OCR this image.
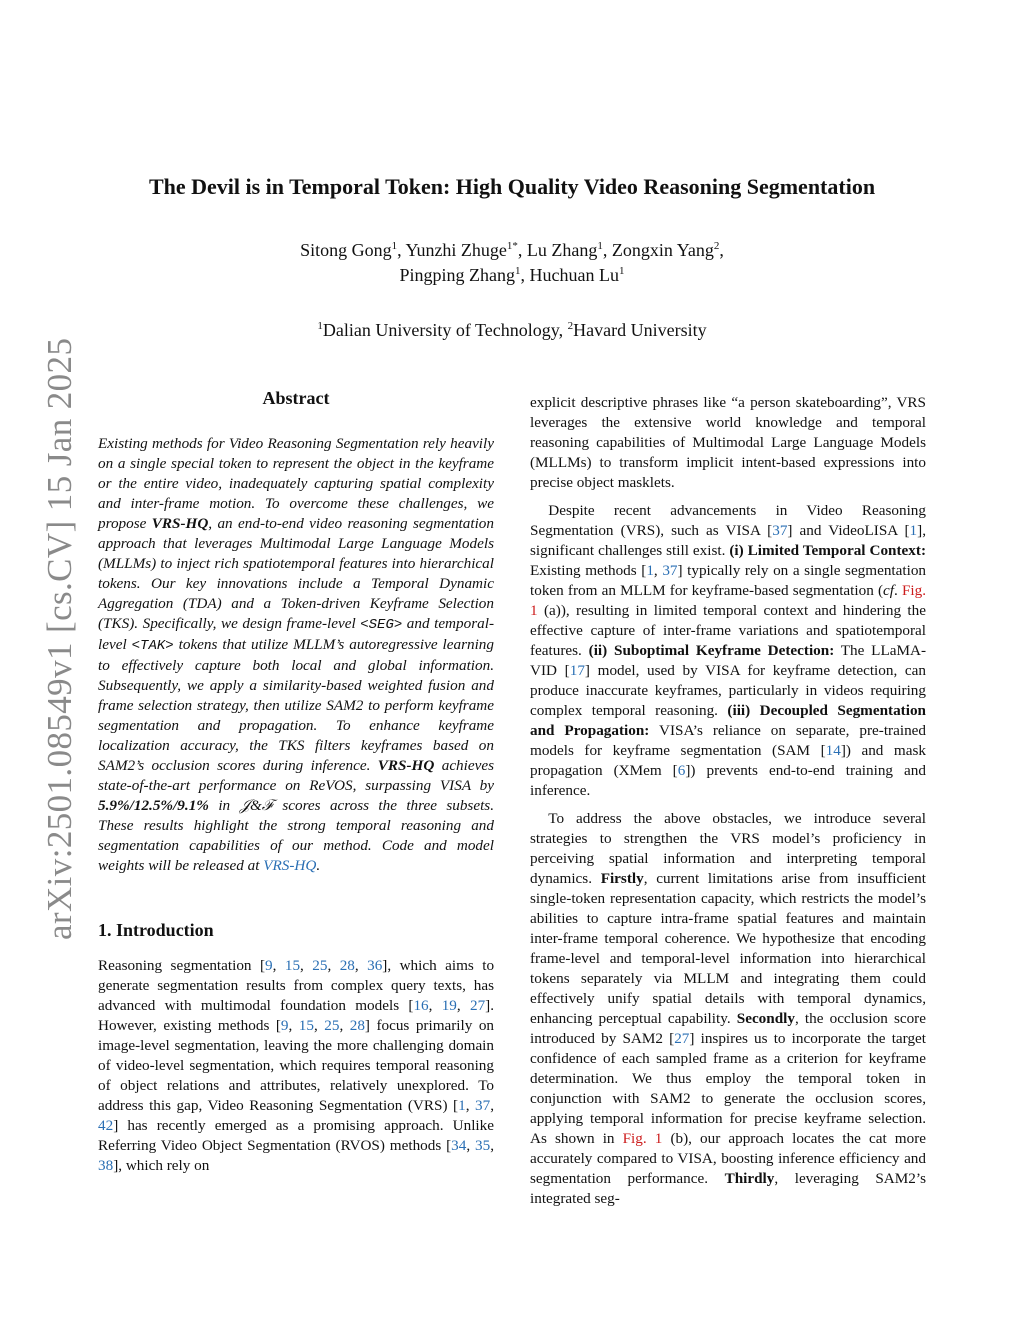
arXiv:2501.08549v1 [cs.CV] 15 Jan 2025
The Devil is in Temporal Token: High Quality Video Reasoning Segmentation

Sitong Gong$^1$, Yunzhi Zhuge$^{1*}$, Lu Zhang$^1$, Zongxin Yang$^2$,

Pingping Zhang$^1$, Huchuan Lu$^1$

$^1$Dalian University of Technology, $^2$Havard University

Abstract

Existing methods for Video Reasoning Segmentation rely heavily on a single special token to represent the object in the keyframe or the entire video, inadequately capturing spatial complexity and inter-frame motion. To overcome these challenges, we propose VRS-HQ, an end-to-end video reasoning segmentation approach that leverages Multimodal Large Language Models (MLLMs) to inject rich spatiotemporal features into hierarchical tokens. Our key innovations include a Temporal Dynamic Aggregation (TDA) and a Token-driven Keyframe Selection (TKS). Specifically, we design frame-level <SEG> and temporal-level <TAK> tokens that utilize MLLM’s autoregressive learning to effectively capture both local and global information. Subsequently, we apply a similarity-based weighted fusion and frame selection strategy, then utilize SAM2 to perform keyframe segmentation and propagation. To enhance keyframe localization accuracy, the TKS filters keyframes based on SAM2’s occlusion scores during inference. VRS-HQ achieves state-of-the-art performance on ReVOS, surpassing VISA by 5.9%/12.5%/9.1% in 𝒥&ℱ scores across the three subsets. These results highlight the strong temporal reasoning and segmentation capabilities of our method. Code and model weights will be released at VRS-HQ.

1. Introduction

Reasoning segmentation [9, 15, 25, 28, 36], which aims to generate segmentation results from complex query texts, has advanced with multimodal foundation models [16, 19, 27]. However, existing methods [9, 15, 25, 28] focus primarily on image-level segmentation, leaving the more challenging domain of video-level segmentation, which requires temporal reasoning of object relations and attributes, relatively unexplored. To address this gap, Video Reasoning Segmentation (VRS) [1, 37, 42] has recently emerged as a promising approach. Unlike Referring Video Object Segmentation (RVOS) methods [34, 35, 38], which rely on

explicit descriptive phrases like “a person skateboarding”, VRS leverages the extensive world knowledge and temporal reasoning capabilities of Multimodal Large Language Models (MLLMs) to transform implicit intent-based expressions into precise object masklets.

Despite recent advancements in Video Reasoning Segmentation (VRS), such as VISA [37] and VideoLISA [1], significant challenges still exist. (i) Limited Temporal Context: Existing methods [1, 37] typically rely on a single segmentation token from an MLLM for keyframe-based segmentation (cf. Fig. 1 (a)), resulting in limited temporal context and hindering the effective capture of inter-frame variations and spatiotemporal features. (ii) Suboptimal Keyframe Detection: The LLaMA-VID [17] model, used by VISA for keyframe detection, can produce inaccurate keyframes, particularly in videos requiring complex temporal reasoning. (iii) Decoupled Segmentation and Propagation: VISA’s reliance on separate, pre-trained models for keyframe segmentation (SAM [14]) and mask propagation (XMem [6]) prevents end-to-end training and inference.

To address the above obstacles, we introduce several strategies to strengthen the VRS model’s proficiency in perceiving spatial information and interpreting temporal dynamics. Firstly, current limitations arise from insufficient single-token representation capacity, which restricts the model’s abilities to capture intra-frame spatial features and maintain inter-frame temporal coherence. We hypothesize that encoding frame-level and temporal-level information into hierarchical tokens separately via MLLM and integrating them could effectively unify spatial details with temporal dynamics, enhancing perceptual capability. Secondly, the occlusion score introduced by SAM2 [27] inspires us to incorporate the target confidence of each sampled frame as a criterion for keyframe determination. We thus employ the temporal token in conjunction with SAM2 to generate the occlusion scores, applying temporal information for precise keyframe selection. As shown in Fig. 1 (b), our approach locates the cat more accurately compared to VISA, boosting inference efficiency and segmentation performance. Thirdly, leveraging SAM2’s integrated seg-
